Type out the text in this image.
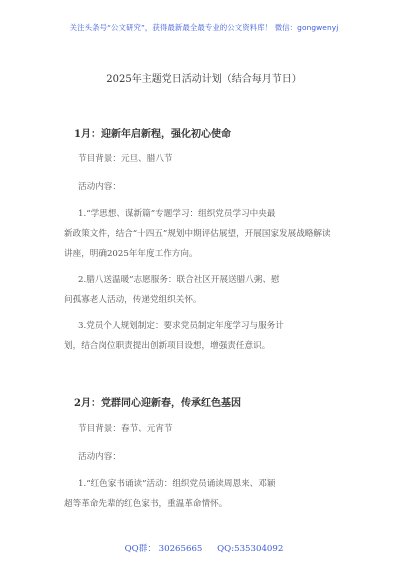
关注头条号“公文研究”，获得最新最全最专业的公文资料库！ 微信：gongwenyj
2025年主题党日活动计划（结合每月节日）
1月：迎新年启新程，强化初心使命
节目背景：元旦、腊八节
活动内容：
1.“学思想、谋新篇”专题学习：组织党员学习中央最
新政策文件，结合“十四五”规划中期评估展望，开展国家发展战略解读讲座，明确2025年年度工作方向。
2.腊八送温暖”志愿服务：联合社区开展送腊八粥、慰
问孤寡老人活动，传递党组织关怀。
3.党员个人规划制定：要求党员制定年度学习与服务计
划，结合岗位职责提出创新项目设想，增强责任意识。
2月：党群同心迎新春，传承红色基因
节目背景：春节、元宵节
活动内容：
1.“红色家书诵读”活动：组织党员诵读周恩来、邓颖
超等革命先辈的红色家书，重温革命情怀。
QQ群： 30265665 QQ:535304092
